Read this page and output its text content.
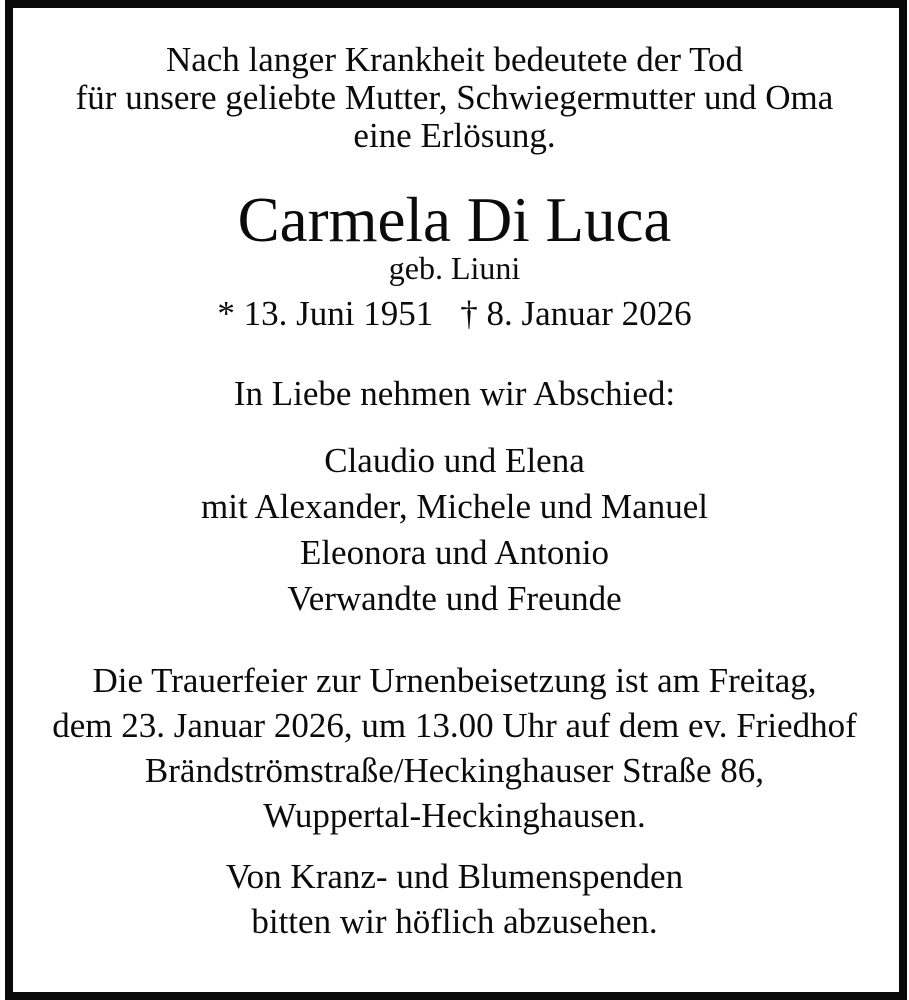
Nach langer Krankheit bedeutete der Tod
für unsere geliebte Mutter, Schwiegermutter und Oma
eine Erlösung.
Carmela Di Luca
geb. Liuni
* 13. Juni 1951 † 8. Januar 2026
In Liebe nehmen wir Abschied:
Claudio und Elena
mit Alexander, Michele und Manuel
Eleonora und Antonio
Verwandte und Freunde
Die Trauerfeier zur Urnenbeisetzung ist am Freitag,
dem 23. Januar 2026, um 13.00 Uhr auf dem ev. Friedhof
Brändströmstraße/Heckinghauser Straße 86,
Wuppertal-Heckinghausen.
Von Kranz- und Blumenspenden
bitten wir höflich abzusehen.
